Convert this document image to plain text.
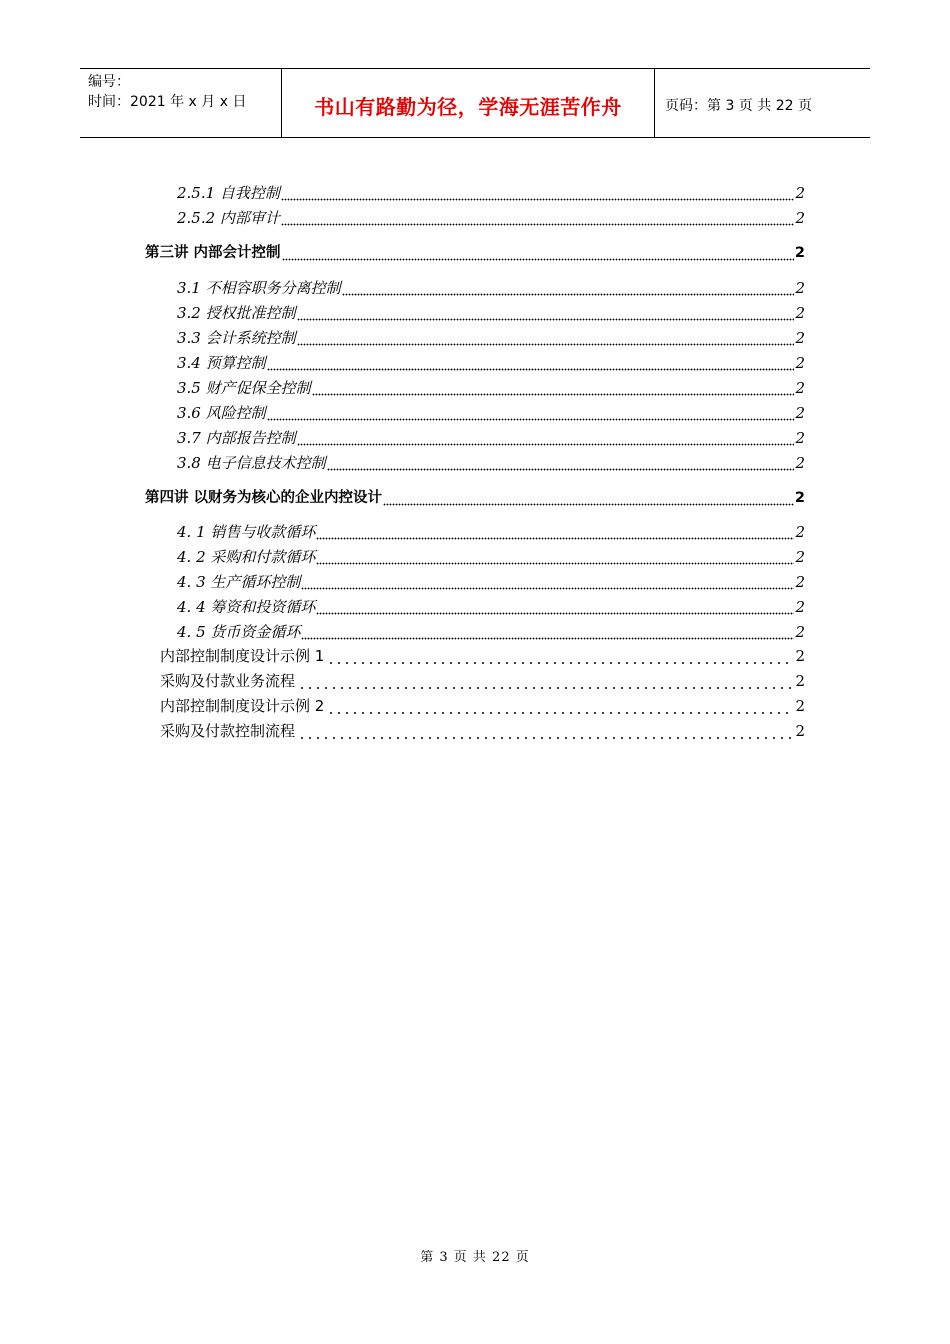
编号：
时间：2021 年 x 月 x 日	书山有路勤为径，学海无涯苦作舟	页码：第 3 页 共 22 页
2.5.1 自我控制	2
2.5.2 内部审计	2
第三讲 内部会计控制	2
3.1 不相容职务分离控制	2
3.2 授权批准控制	2
3.3 会计系统控制	2
3.4 预算控制	2
3.5 财产促保全控制	2
3.6 风险控制	2
3.7 内部报告控制	2
3.8 电子信息技术控制	2
第四讲 以财务为核心的企业内控设计	2
4. 1 销售与收款循环	2
4. 2 采购和付款循环	2
4. 3 生产循环控制	2
4. 4 筹资和投资循环	2
4. 5 货币资金循环	2
内部控制制度设计示例 1	2
采购及付款业务流程	2
内部控制制度设计示例 2	2
采购及付款控制流程	2
第 3 页 共 22 页
